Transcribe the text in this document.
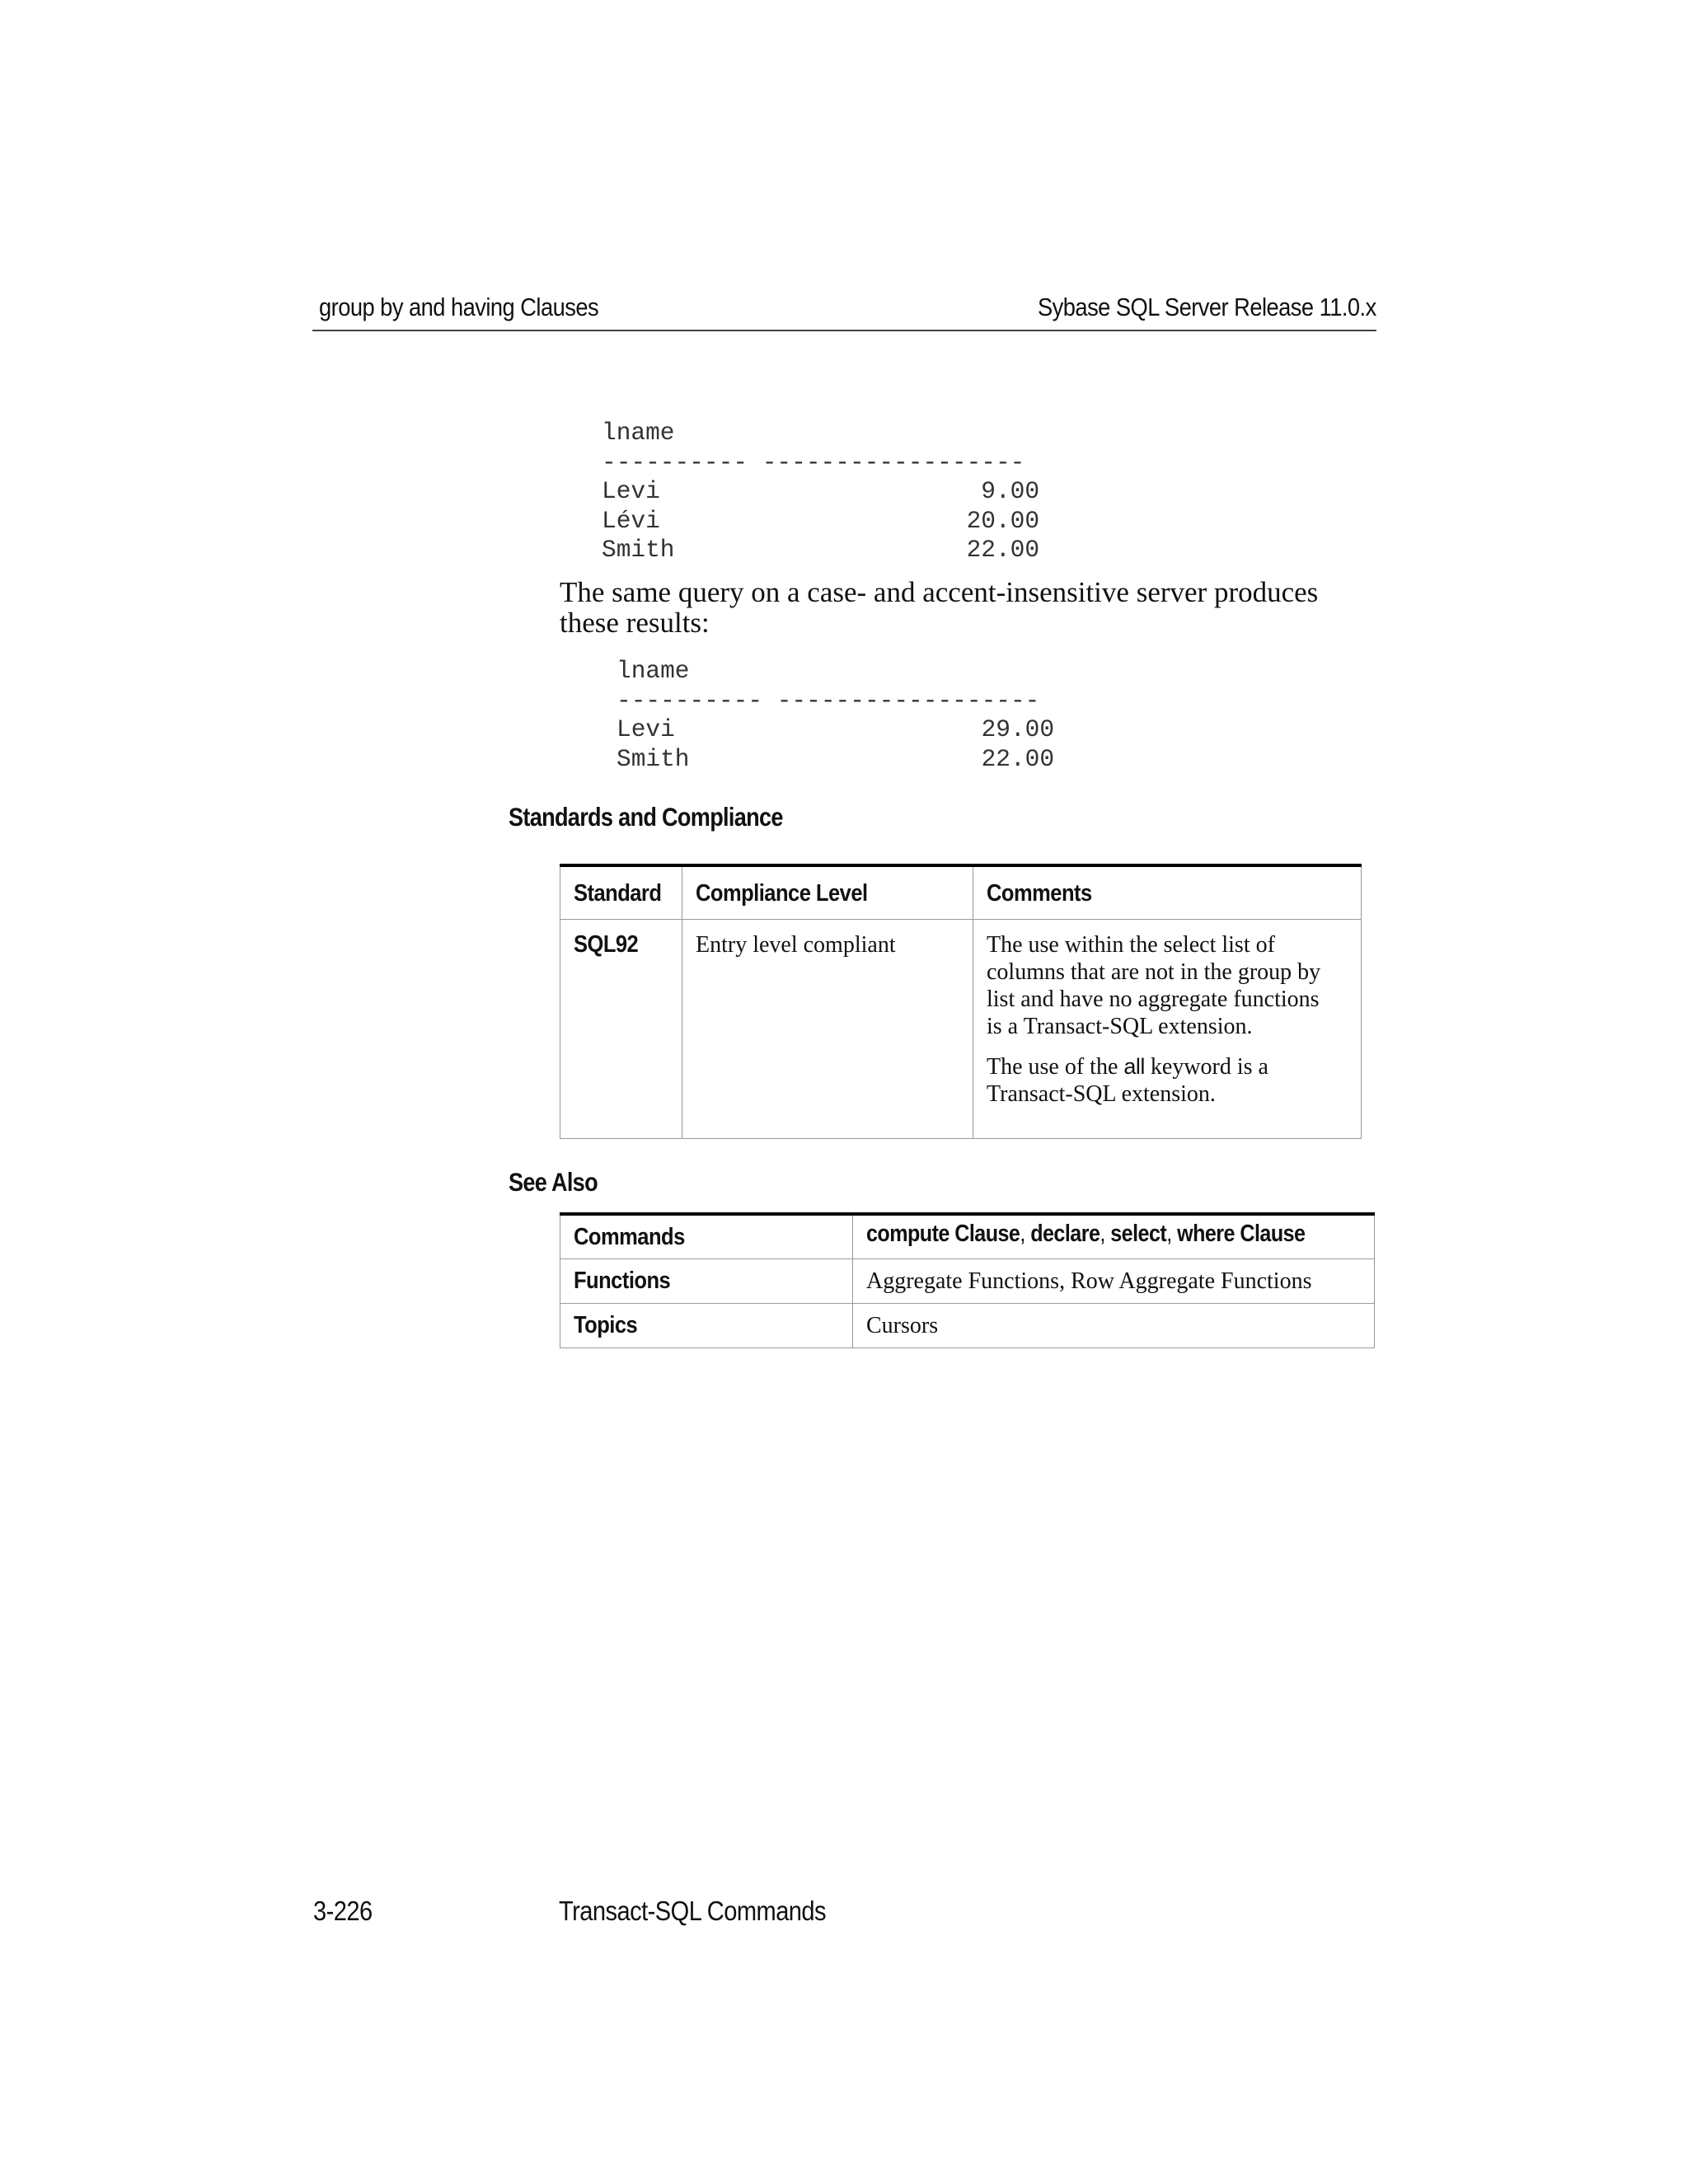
group by and having Clauses	Sybase SQL Server Release 11.0.x
lname
---------- ------------------
Levi                      9.00
Lévi                     20.00
Smith                    22.00

The same query on a case- and accent-insensitive server produces these results:

lname
---------- ------------------
Levi                     29.00
Smith                    22.00
Standards and Compliance
Standard	Compliance Level	Comments

SQL92	Entry level compliant	The use within the select list of columns that are not in the group by list and have no aggregate functions is a Transact-SQL extension.

The use of the all keyword is a Transact-SQL extension.

See Also
Commands	compute Clause, declare, select, where Clause

Functions	Aggregate Functions, Row Aggregate Functions

Topics	Cursors
3-226	Transact-SQL Commands
